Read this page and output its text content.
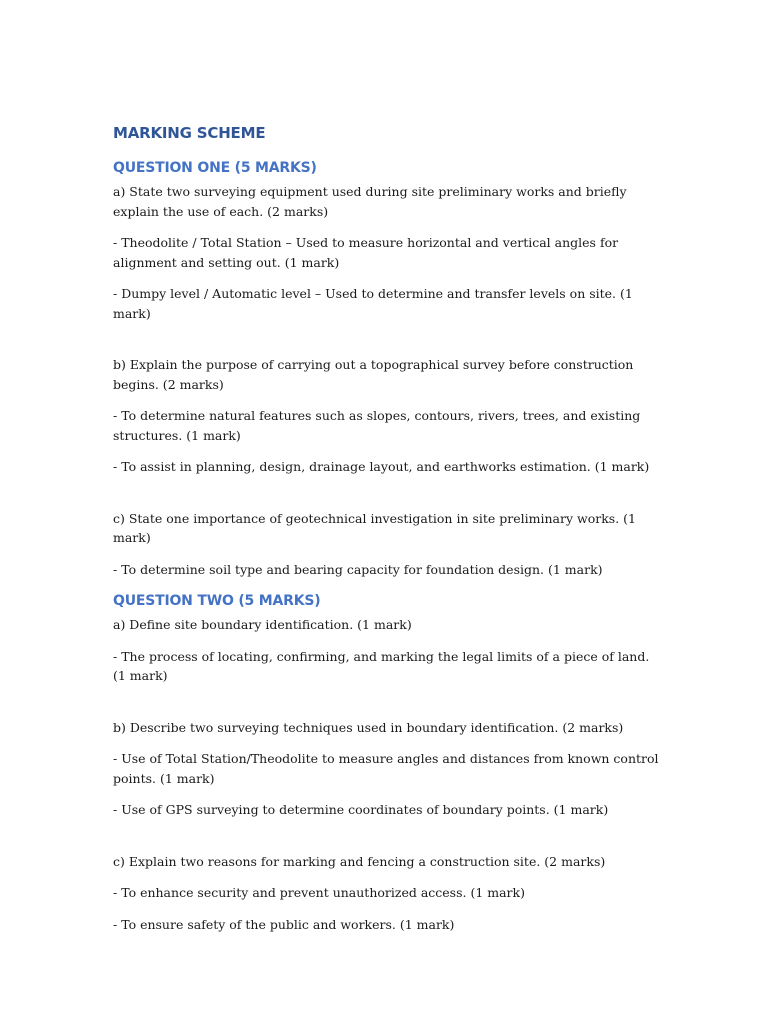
MARKING SCHEME
QUESTION ONE (5 MARKS)

a) State two surveying equipment used during site preliminary works and briefly explain the use of each. (2 marks)

- Theodolite / Total Station – Used to measure horizontal and vertical angles for alignment and setting out. (1 mark)

- Dumpy level / Automatic level – Used to determine and transfer levels on site. (1 mark)

b) Explain the purpose of carrying out a topographical survey before construction begins. (2 marks)

- To determine natural features such as slopes, contours, rivers, trees, and existing structures. (1 mark)

- To assist in planning, design, drainage layout, and earthworks estimation. (1 mark)

c) State one importance of geotechnical investigation in site preliminary works. (1 mark)

- To determine soil type and bearing capacity for foundation design. (1 mark)

QUESTION TWO (5 MARKS)

a) Define site boundary identification. (1 mark)

- The process of locating, confirming, and marking the legal limits of a piece of land. (1 mark)

b) Describe two surveying techniques used in boundary identification. (2 marks)

- Use of Total Station/Theodolite to measure angles and distances from known control points. (1 mark)

- Use of GPS surveying to determine coordinates of boundary points. (1 mark)

c) Explain two reasons for marking and fencing a construction site. (2 marks)

- To enhance security and prevent unauthorized access. (1 mark)

- To ensure safety of the public and workers. (1 mark)
